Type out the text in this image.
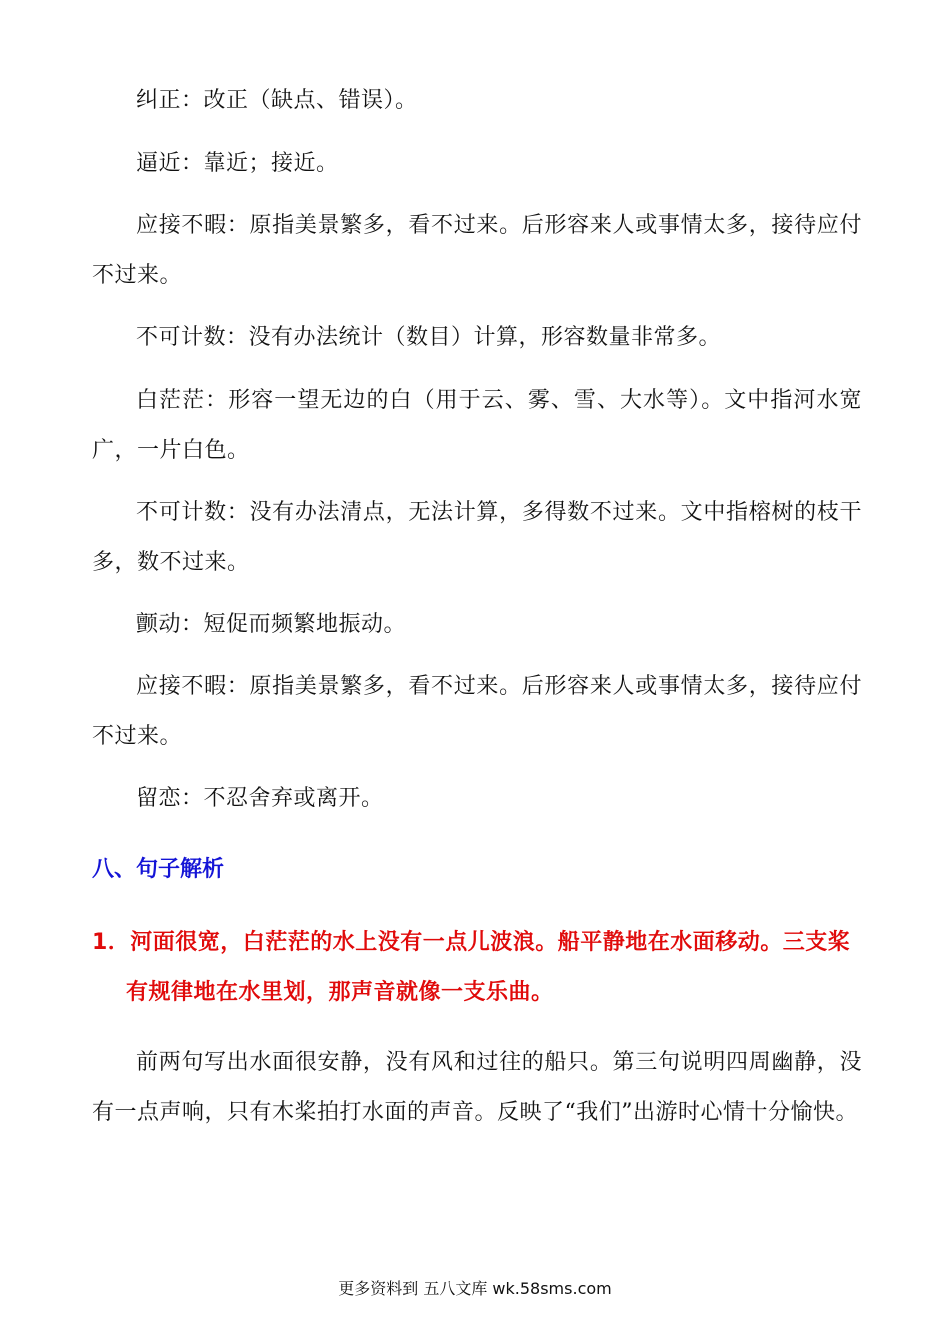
纠正：改正（缺点、错误）。

逼近：靠近；接近。

应接不暇：原指美景繁多，看不过来。后形容来人或事情太多，接待应付不过来。

不可计数：没有办法统计（数目）计算，形容数量非常多。

白茫茫：形容一望无边的白（用于云、雾、雪、大水等）。文中指河水宽广，一片白色。

不可计数：没有办法清点，无法计算，多得数不过来。文中指榕树的枝干多，数不过来。

颤动：短促而频繁地振动。

应接不暇：原指美景繁多，看不过来。后形容来人或事情太多，接待应付不过来。

留恋：不忍舍弃或离开。

八、句子解析

1．河面很宽，白茫茫的水上没有一点儿波浪。船平静地在水面移动。三支桨有规律地在水里划，那声音就像一支乐曲。

前两句写出水面很安静，没有风和过往的船只。第三句说明四周幽静，没有一点声响，只有木桨拍打水面的声音。反映了“我们”出游时心情十分愉快。

更多资料到 五八文库 wk.58sms.com
